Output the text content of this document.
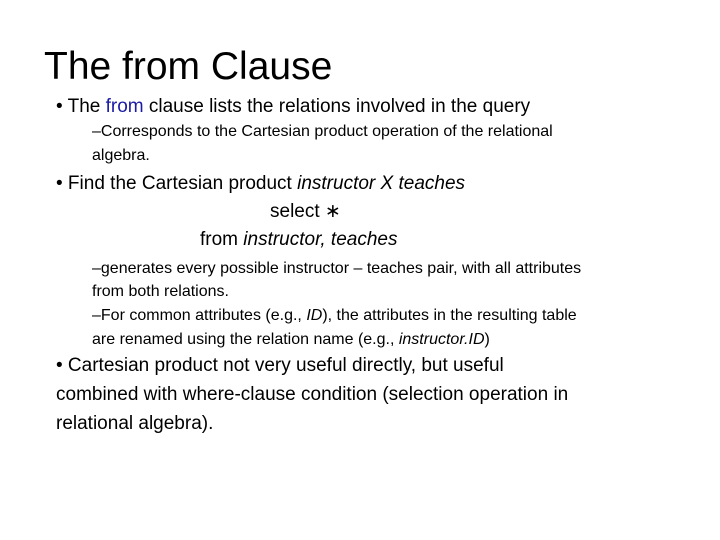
The from Clause
• The from clause lists the relations involved in the query
–Corresponds to the Cartesian product operation of the relational
algebra.
• Find the Cartesian product instructor X teaches
select ∗
from instructor, teaches
–generates every possible instructor – teaches pair, with all attributes
from both relations.
–For common attributes (e.g., ID), the attributes in the resulting table
are renamed using the relation name (e.g., instructor.ID)
• Cartesian product not very useful directly, but useful
combined with where-clause condition (selection operation in
relational algebra).
